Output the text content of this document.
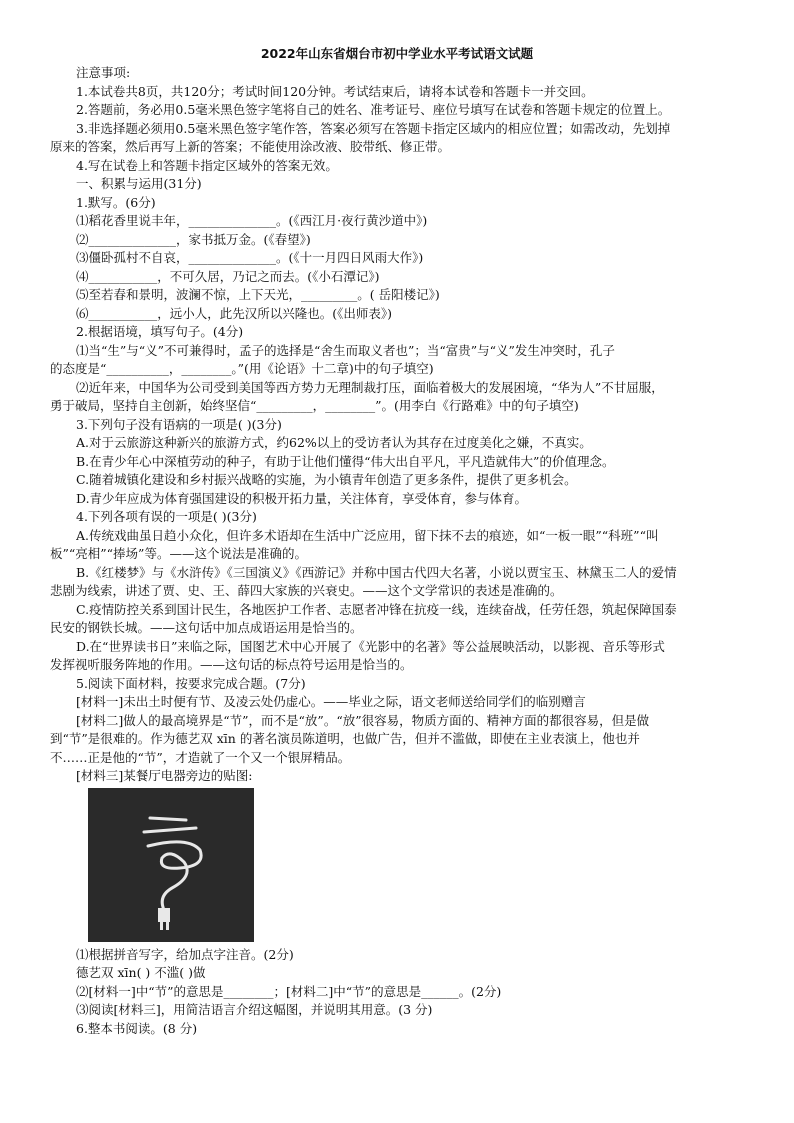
2022年山东省烟台市初中学业水平考试语文试题
注意事项:
1.本试卷共8页，共120分；考试时间120分钟。考试结束后，请将本试卷和答题卡一并交回。
2.答题前，务必用0.5毫米黑色签字笔将自己的姓名、准考证号、座位号填写在试卷和答题卡规定的位置上。
3.非选择题必须用0.5毫米黑色签字笔作答，答案必须写在答题卡指定区域内的相应位置；如需改动，先划掉
原来的答案，然后再写上新的答案；不能使用涂改液、胶带纸、修正带。
4.写在试卷上和答题卡指定区域外的答案无效。
一、积累与运用(31分)
1.默写。(6分)
⑴稻花香里说丰年，______________。(《西江月·夜行黄沙道中》)
⑵______________，家书抵万金。(《春望》)
⑶僵卧孤村不自哀，______________。(《十一月四日风雨大作》)
⑷___________，不可久居，乃记之而去。(《小石潭记》)
⑸至若春和景明，波澜不惊，上下天光，_________。( 岳阳楼记》)
⑹___________，远小人，此先汉所以兴隆也。(《出师表》)
2.根据语境，填写句子。(4分)
⑴当“生”与“义”不可兼得时，孟子的选择是“舍生而取义者也”；当“富贵”与“义”发生冲突时，孔子
的态度是“__________，________。”(用《论语》十二章)中的句子填空)
⑵近年来，中国华为公司受到美国等西方势力无理制裁打压，面临着极大的发展困境，“华为人”不甘屈服，
勇于破局，坚持自主创新，始终坚信“_________，________”。(用李白《行路难》中的句子填空)
3.下列句子没有语病的一项是( )(3分)
A.对于云旅游这种新兴的旅游方式，约62%以上的受访者认为其存在过度美化之嫌，不真实。
B.在青少年心中深植劳动的种子，有助于让他们懂得“伟大出自平凡，平凡造就伟大”的价值理念。
C.随着城镇化建设和乡村振兴战略的实施，为小镇青年创造了更多条件，提供了更多机会。
D.青少年应成为体育强国建设的积极开拓力量，关注体育，享受体育，参与体育。
4.下列各项有误的一项是( )(3分)
A.传统戏曲虽日趋小众化，但许多术语却在生活中广泛应用，留下抹不去的痕迹，如“一板一眼”“科班”“叫
板”“亮相”“捧场”等。——这个说法是准确的。
B.《红楼梦》与《水浒传》《三国演义》《西游记》并称中国古代四大名著，小说以贾宝玉、林黛玉二人的爱情
悲剧为线索，讲述了贾、史、王、薛四大家族的兴衰史。——这个文学常识的表述是准确的。
C.疫情防控关系到国计民生，各地医护工作者、志愿者冲锋在抗疫一线，连续奋战，任劳任怨，筑起保障国泰
民安的钢铁长城。——这句话中加点成语运用是恰当的。
D.在“世界读书日”来临之际，国图艺术中心开展了《光影中的名著》等公益展映活动，以影视、音乐等形式
发挥视听服务阵地的作用。——这句话的标点符号运用是恰当的。
5.阅读下面材料，按要求完成合题。(7分)
[材料一]未出土时便有节、及凌云处仍虚心。——毕业之际，语文老师送给同学们的临别赠言
[材料二]做人的最高境界是“节”，而不是“放”。“放”很容易，物质方面的、精神方面的都很容易，但是做
到“节”是很难的。作为德艺双 xīn 的著名演员陈道明，也做广告，但并不滥做，即使在主业表演上，他也并
不……正是他的“节”，才造就了一个又一个银屏精品。
[材料三]某餐厅电器旁边的贴图:
⑴根据拼音写字，给加点字注音。(2分)
德艺双 xīn( ) 不滥( )做
⑵[材料一]中“节”的意思是________；[材料二]中“节”的意思是______。(2分)
⑶阅读[材料三]，用简洁语言介绍这幅图，并说明其用意。(3 分)
6.整本书阅读。(8 分)
